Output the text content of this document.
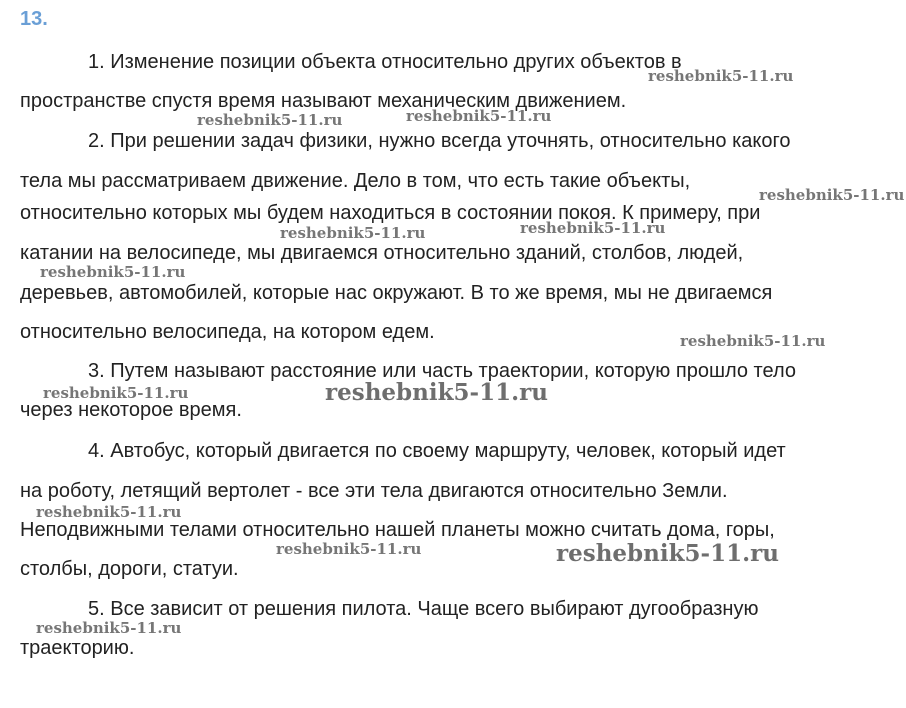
13.
1. Изменение позиции объекта относительно других объектов в
пространстве спустя время называют механическим движением.
2. При решении задач физики, нужно всегда уточнять, относительно какого
тела мы рассматриваем движение. Дело в том, что есть такие объекты,
относительно которых мы будем находиться в состоянии покоя. К примеру, при
катании на велосипеде, мы двигаемся относительно зданий, столбов, людей,
деревьев, автомобилей, которые нас окружают. В то же время, мы не двигаемся
относительно велосипеда, на котором едем.
3. Путем называют расстояние или часть траектории, которую прошло тело
через некоторое время.
4. Автобус, который двигается по своему маршруту, человек, который идет
на роботу, летящий вертолет - все эти тела двигаются относительно Земли.
Неподвижными телами относительно нашей планеты можно считать дома, горы,
столбы, дороги, статуи.
5. Все зависит от решения пилота. Чаще всего выбирают дугообразную
траекторию.
reshebnik5-11.ru
reshebnik5-11.ru
reshebnik5-11.ru
reshebnik5-11.ru
reshebnik5-11.ru
reshebnik5-11.ru
reshebnik5-11.ru
reshebnik5-11.ru
reshebnik5-11.ru	reshebnik5-11.ru
reshebnik5-11.ru
reshebnik5-11.ru	reshebnik5-11.ru
reshebnik5-11.ru
